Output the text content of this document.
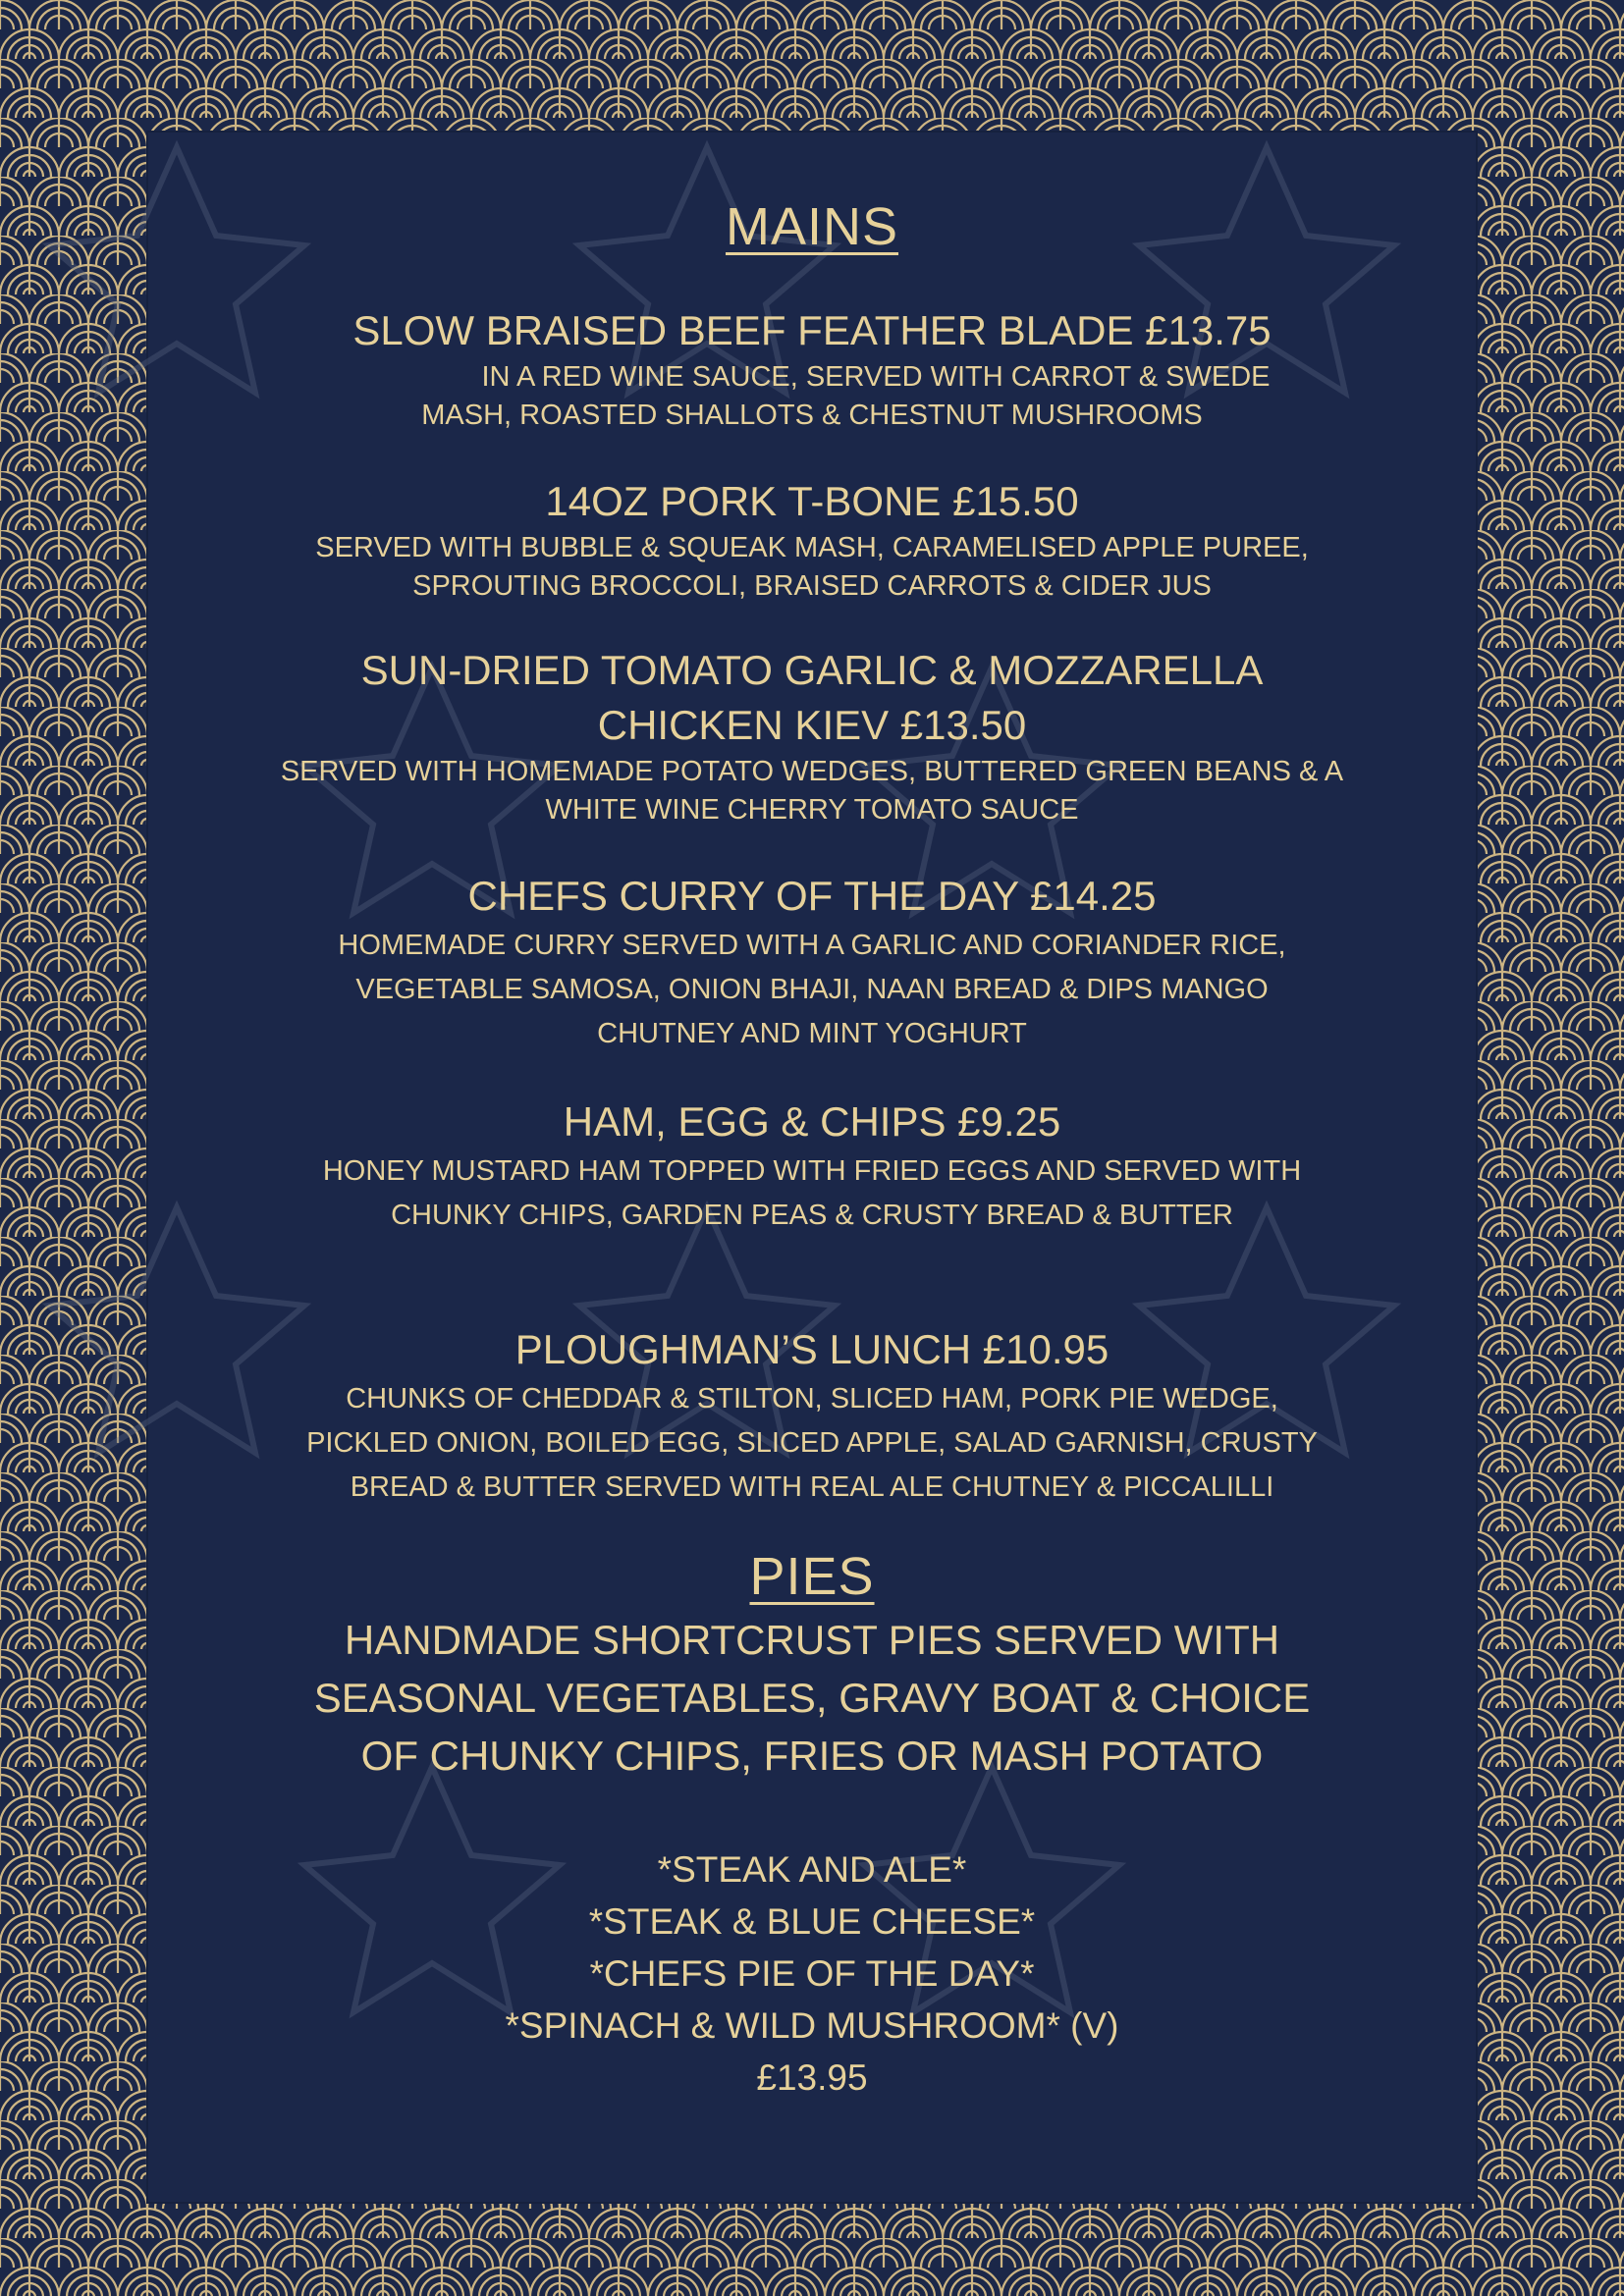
MAINS
SLOW BRAISED BEEF FEATHER BLADE £13.75
IN A RED WINE SAUCE, SERVED WITH CARROT & SWEDE
MASH, ROASTED SHALLOTS & CHESTNUT MUSHROOMS
14OZ PORK T-BONE £15.50
SERVED WITH BUBBLE & SQUEAK MASH, CARAMELISED APPLE PUREE,
SPROUTING BROCCOLI, BRAISED CARROTS & CIDER JUS
SUN-DRIED TOMATO GARLIC & MOZZARELLA
CHICKEN KIEV £13.50
SERVED WITH HOMEMADE POTATO WEDGES, BUTTERED GREEN BEANS & A
WHITE WINE CHERRY TOMATO SAUCE
CHEFS CURRY OF THE DAY £14.25
HOMEMADE CURRY SERVED WITH A GARLIC AND CORIANDER RICE,
VEGETABLE SAMOSA, ONION BHAJI, NAAN BREAD & DIPS MANGO
CHUTNEY AND MINT YOGHURT
HAM, EGG & CHIPS £9.25
HONEY MUSTARD HAM TOPPED WITH FRIED EGGS AND SERVED WITH
CHUNKY CHIPS, GARDEN PEAS & CRUSTY BREAD & BUTTER
PLOUGHMAN’S LUNCH £10.95
CHUNKS OF CHEDDAR & STILTON, SLICED HAM, PORK PIE WEDGE,
PICKLED ONION, BOILED EGG, SLICED APPLE, SALAD GARNISH, CRUSTY
BREAD & BUTTER SERVED WITH REAL ALE CHUTNEY & PICCALILLI
PIES
HANDMADE SHORTCRUST PIES SERVED WITH
SEASONAL VEGETABLES, GRAVY BOAT & CHOICE
OF CHUNKY CHIPS, FRIES OR MASH POTATO
*STEAK AND ALE*
*STEAK & BLUE CHEESE*
*CHEFS PIE OF THE DAY*
*SPINACH & WILD MUSHROOM* (V)
£13.95
